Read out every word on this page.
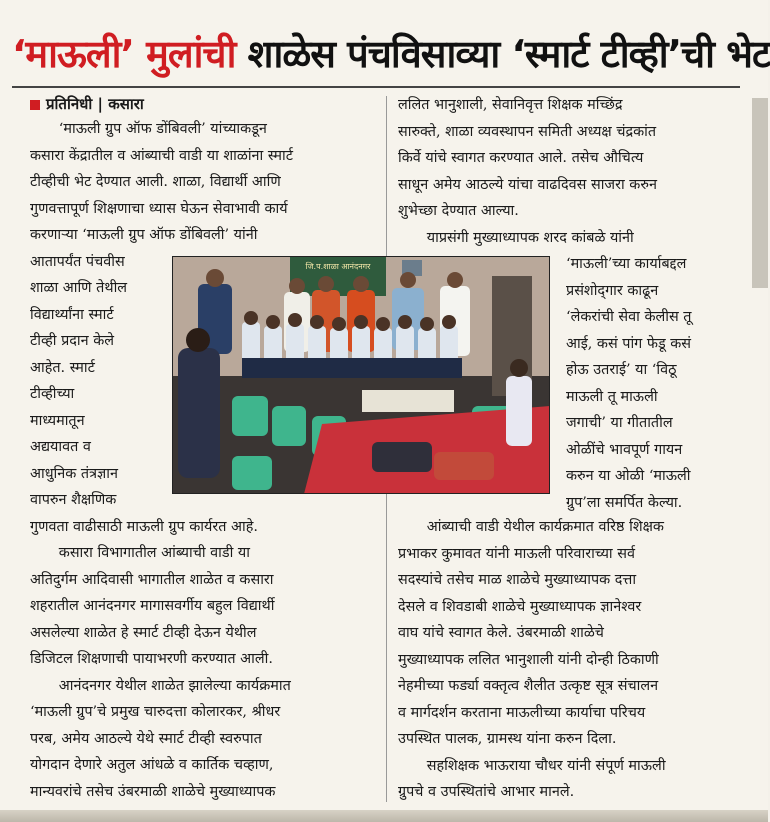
‘माऊली’ मुलांची शाळेस पंचविसाव्या ‘स्मार्ट टीव्ही’ची भेट
प्रतिनिधी | कसारा

  ‘माऊली ग्रुप ऑफ डोंबिवली’ यांच्याकडून

कसारा केंद्रातील व आंब्याची वाडी या शाळांना स्मार्ट

टीव्हीची भेट देण्यात आली. शाळा, विद्यार्थी आणि

गुणवत्तापूर्ण शिक्षणाचा ध्यास घेऊन सेवाभावी कार्य

करणाऱ्या ‘माऊली ग्रुप ऑफ डोंबिवली’ यांनी

आतापर्यंत पंचवीस

शाळा आणि तेथील

विद्यार्थ्यांना स्मार्ट

टीव्ही प्रदान केले

आहेत. स्मार्ट

टीव्हीच्या

माध्यमातून

अद्ययावत व

आधुनिक तंत्रज्ञान

वापरुन शैक्षणिक

गुणवता वाढीसाठी माऊली ग्रुप कार्यरत आहे.

  कसारा विभागातील आंब्याची वाडी या

अतिदुर्गम आदिवासी भागातील शाळेत व कसारा

शहरातील आनंदनगर मागासवर्गीय बहुल विद्यार्थी

असलेल्या शाळेत हे स्मार्ट टीव्ही देऊन येथील

डिजिटल शिक्षणाची पायाभरणी करण्यात आली.

  आनंदनगर येथील शाळेत झालेल्या कार्यक्रमात

‘माऊली ग्रुप’चे प्रमुख चारुदत्ता कोलारकर, श्रीधर

परब, अमेय आठल्ये येथे स्मार्ट टीव्ही स्वरुपात

योगदान देणारे अतुल आंधळे व कार्तिक चव्हाण,

मान्यवरांचे तसेच उंबरमाळी शाळेचे मुख्याध्यापक

ललित भानुशाली, सेवानिवृत्त शिक्षक मच्छिंद्र

सारुक्ते, शाळा व्यवस्थापन समिती अध्यक्ष चंद्रकांत

किर्वे यांचे स्वागत करण्यात आले. तसेच औचित्य

साधून अमेय आठल्ये यांचा वाढदिवस साजरा करुन

शुभेच्छा देण्यात आल्या.

  याप्रसंगी मुख्याध्यापक शरद कांबळे यांनी

‘माऊली’च्या कार्याबद्दल

प्रसंशोद्‌गार काढून

‘लेकरांची सेवा केलीस तू

आई, कसं पांग फेडू कसं

होऊ उतराई’ या ‘विठू

माऊली तू माऊली

जगाची’ या गीतातील

ओळींचे भावपूर्ण गायन

करुन या ओळी ‘माऊली

ग्रुप’ला समर्पित केल्या.

  आंब्याची वाडी येथील कार्यक्रमात वरिष्ठ शिक्षक

प्रभाकर कुमावत यांनी माऊली परिवाराच्या सर्व

सदस्यांचे तसेच माळ शाळेचे मुख्याध्यापक दत्ता

देसले व शिवडाबी शाळेचे मुख्याध्यापक ज्ञानेश्वर

वाघ यांचे स्वागत केले. उंबरमाळी शाळेचे

मुख्याध्यापक ललित भानुशाली यांनी दोन्ही ठिकाणी

नेहमीच्या फर्ड्या वक्तृत्व शैलीत उत्कृष्ट सूत्र संचालन

व मार्गदर्शन करताना माऊलीच्या कार्याचा परिचय

उपस्थित पालक, ग्रामस्थ यांना करुन दिला.

  सहशिक्षक भाऊराया चौधर यांनी संपूर्ण माऊली

ग्रुपचे व उपस्थितांचे आभार मानले.

जि.प.शाळा आनंदनगर
